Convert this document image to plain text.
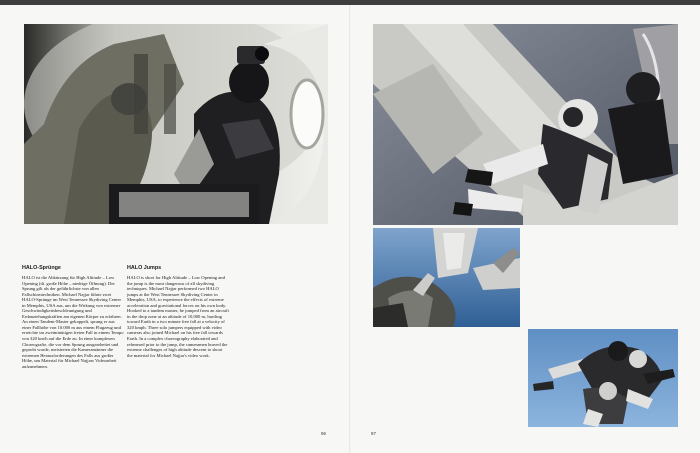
HALO-Sprünge
HALO ist die Abkürzung für High Altitude – Low Opening (dt. große Höhe – niedrige Öffnung). Der Sprung gilt als der gefährlichste von allen Fallschirmtechniken. Michael Najjar führte zwei HALO-Sprünge im West Tennessee Skydiving Center in Memphis, USA aus, um die Wirkung von extremer Geschwindigkeitsbeschleunigung und Erdanziehungskräften am eigenen Körper zu erfahren. An einen Tandem-Master gekoppelt, sprang er aus einer Fallhöhe von 10.000 m aus einem Flugzeug und erreichte im zweiminütigen freien Fall in einem Tempo von 320 km/h auf die Erde zu. In einer komplexen Choreografie, die vor dem Sprung ausgearbeitet und geprobt wurde, meisterten die Kameramänner die extremen Herausforderungen des Falls aus großer Höhe, um Material für Michael Najjars Videoarbeit aufzunehmen.
HALO Jumps
HALO is short for High Altitude – Low Opening and the jump is the most dangerous of all skydiving techniques. Michael Najjar performed two HALO jumps at the West Tennessee Skydiving Center in Memphis, USA, to experience the effects of extreme acceleration and gravitational forces on his own body. Hooked to a tandem master, he jumped from an aircraft in the drop zone at an altitude of 10,000 m, hurtling toward Earth in a two minute free fall at a velocity of 320 kmph. Three solo jumpers equipped with video cameras also joined Michael on his free fall towards Earth. In a complex choreography elaborated and rehearsed prior to the jump, the cameramen braved the extreme challenges of high altitude descent to shoot the material for Michael Najjar's video work.
96	97
